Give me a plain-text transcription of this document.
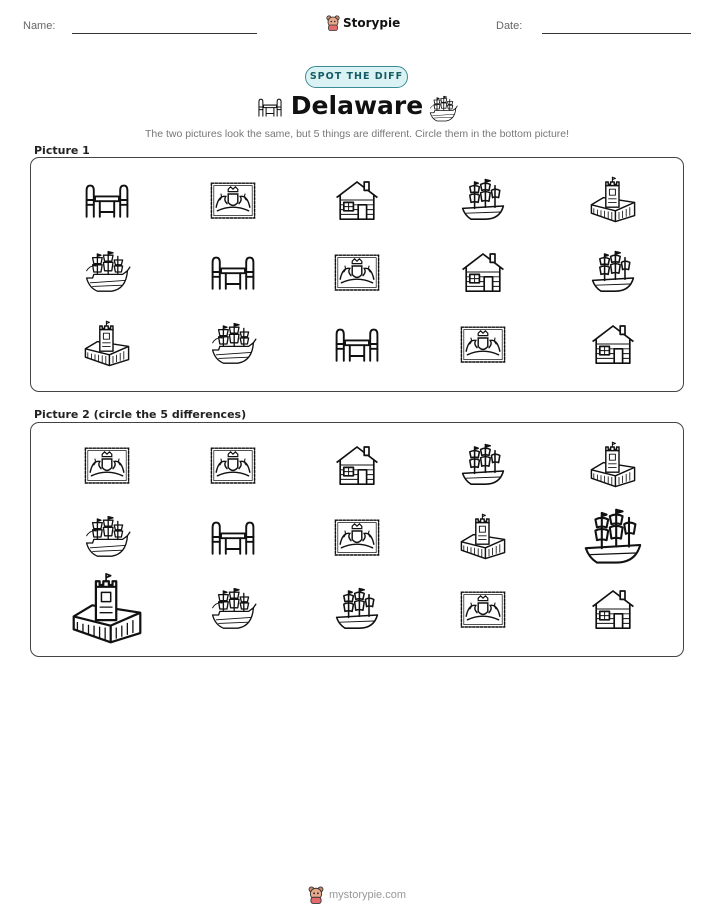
Name:	Storypie	Date:
SPOT THE DIFF
Delaware
The two pictures look the same, but 5 things are different. Circle them in the bottom picture!
Picture 1
Picture 2 (circle the 5 differences)
mystorypie.com
